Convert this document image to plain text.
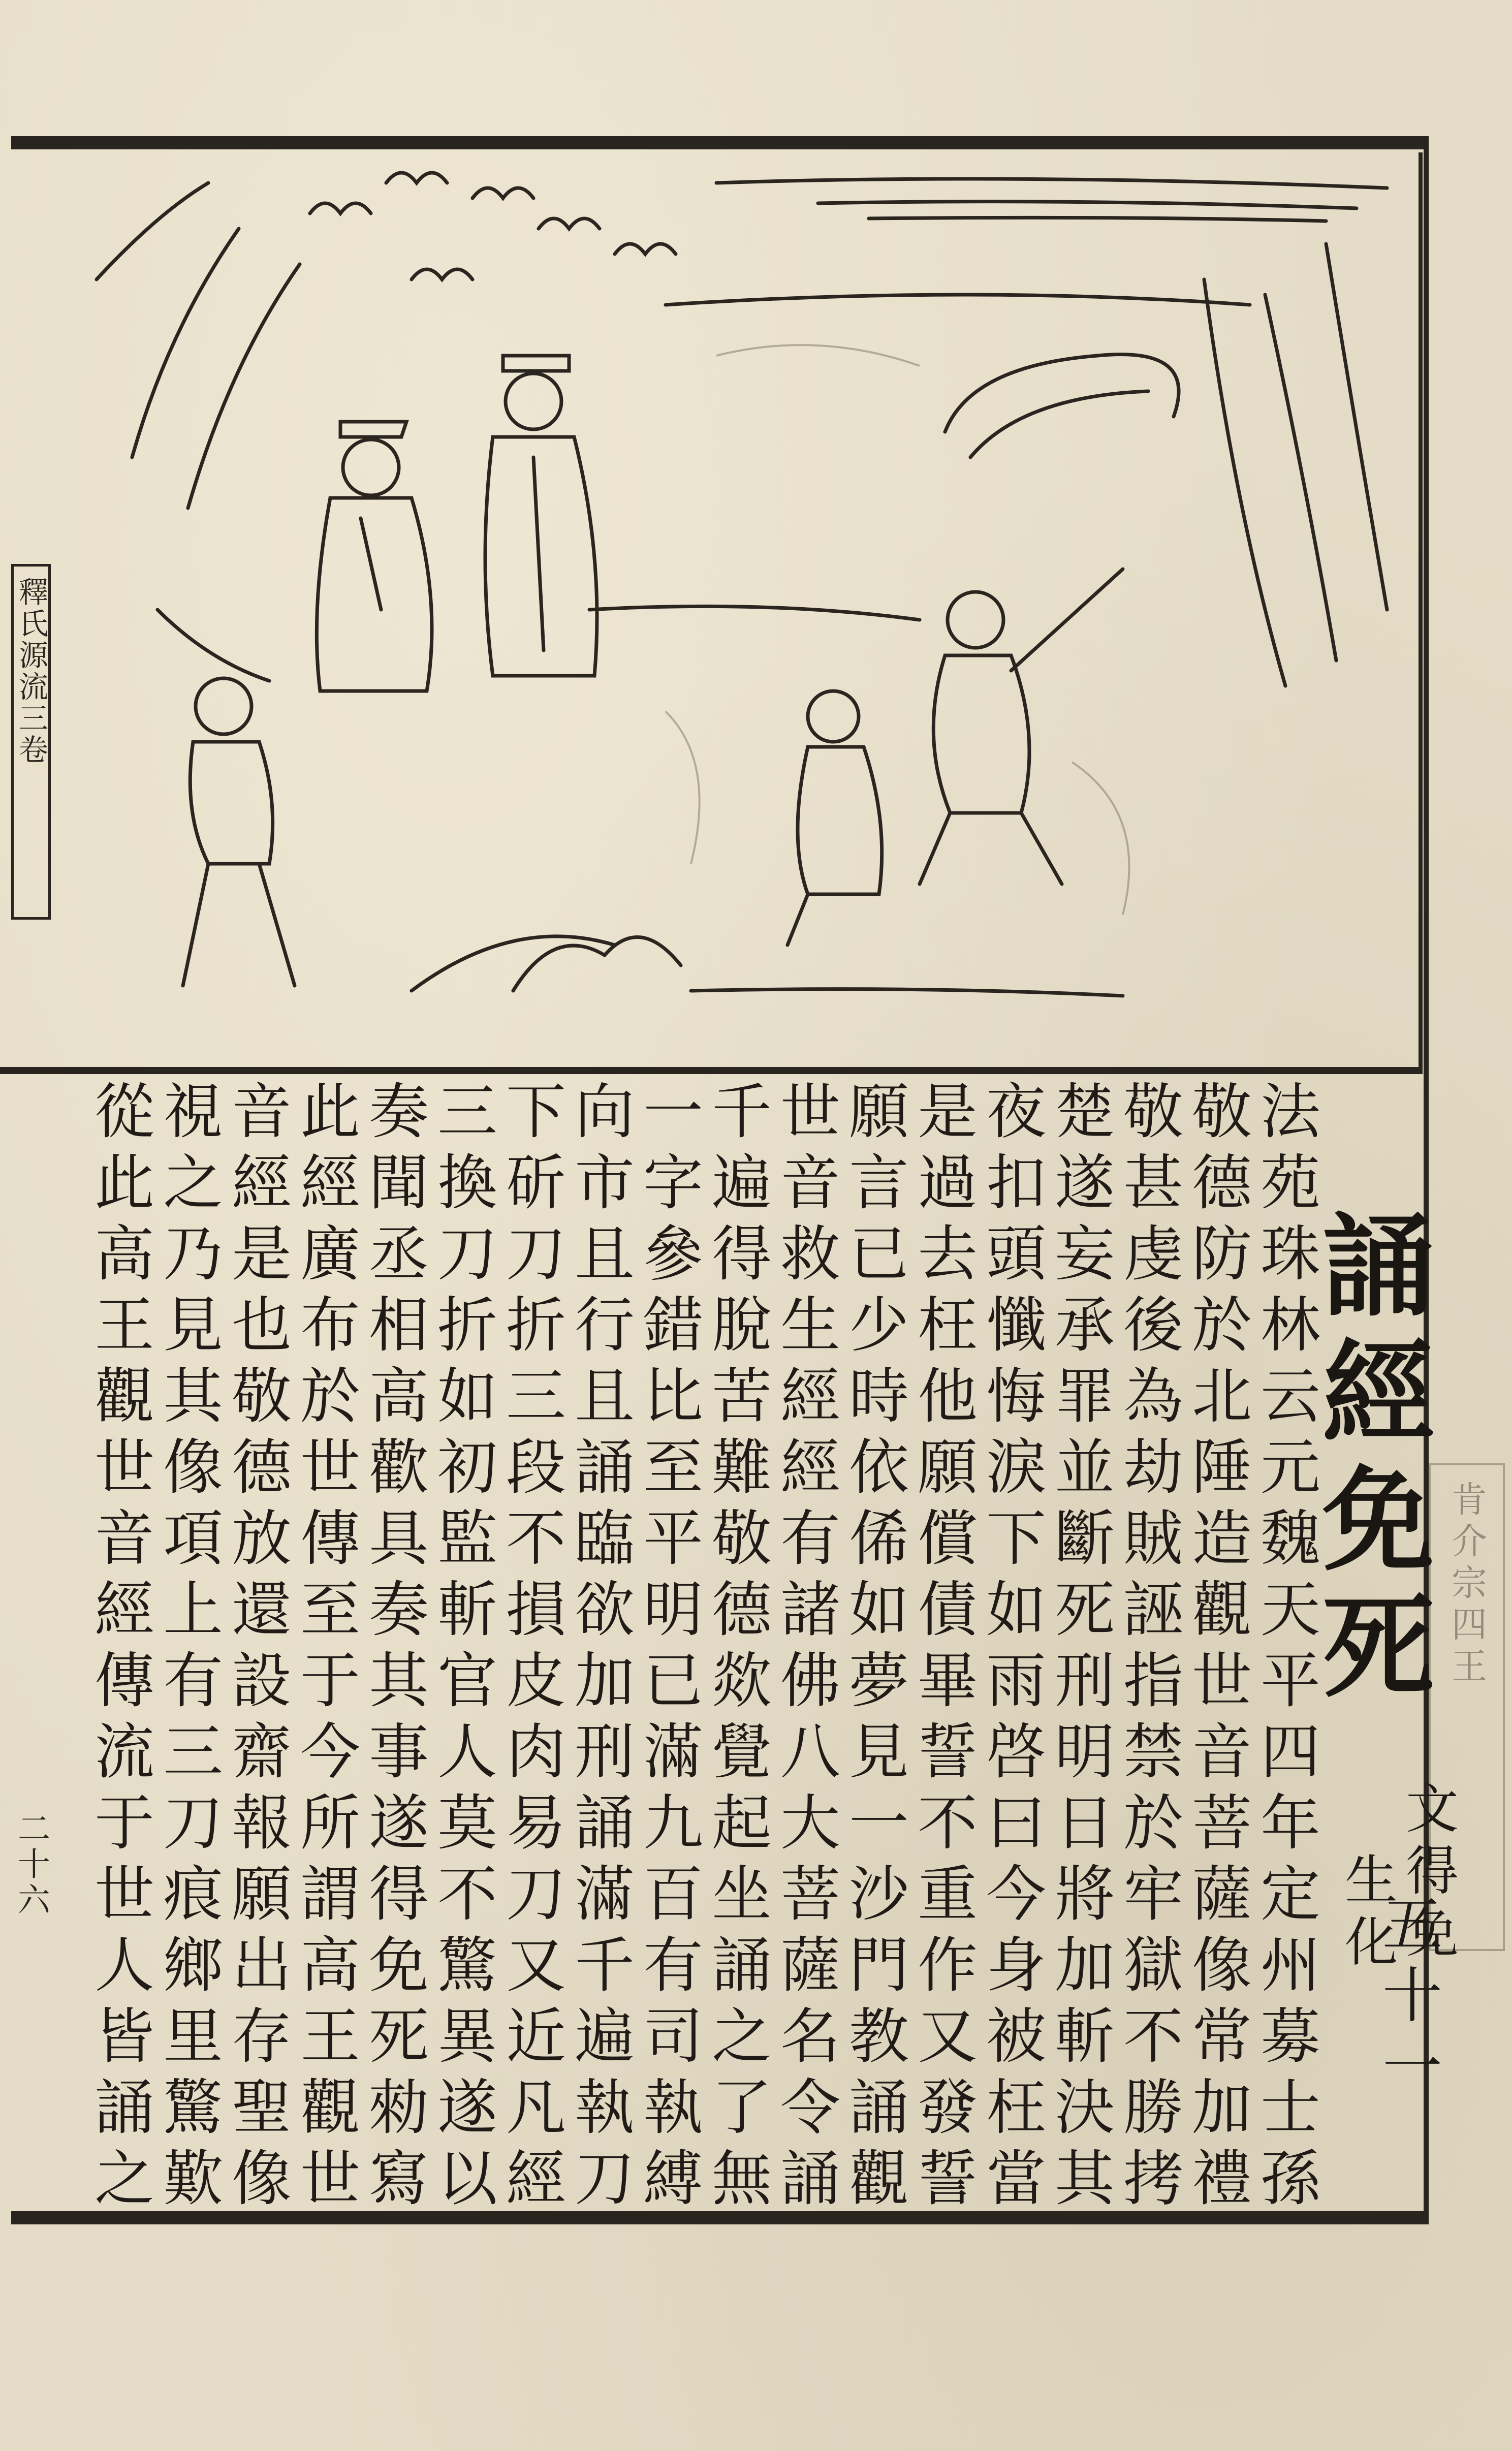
釋氏源流三卷
二十六
肯介宗四王
誦經免死
五十一
文得免
生化
法苑珠林云元魏天平四年定州募士孫
敬德防於北陲造觀世音菩薩像常加禮
敬甚虔後為劫賊誣指禁於牢獄不勝拷
楚遂妄承罪並斷死刑明日將加斬決其
夜扣頭懺悔淚下如雨啓曰今身被枉當
是過去枉他願償債畢誓不重作又發誓
願言已少時依俙如夢見一沙門教誦觀
世音救生經經有諸佛八大菩薩名令誦
千遍得脫苦難敬德欻覺起坐誦之了無
一字參錯比至平明已滿九百有司執縛
向市且行且誦臨欲加刑誦滿千遍執刀
下斫刀折三段不損皮肉易刀又近凡經
三換刀折如初監斬官人莫不驚異遂以
奏聞丞相高歡具奏其事遂得免死勑寫
此經廣布於世傳至于今所謂高王觀世
音經是也敬德放還設齋報願出存聖像
視之乃見其像項上有三刀痕鄉里驚歎
從此高王觀世音經傳流于世人皆誦之
